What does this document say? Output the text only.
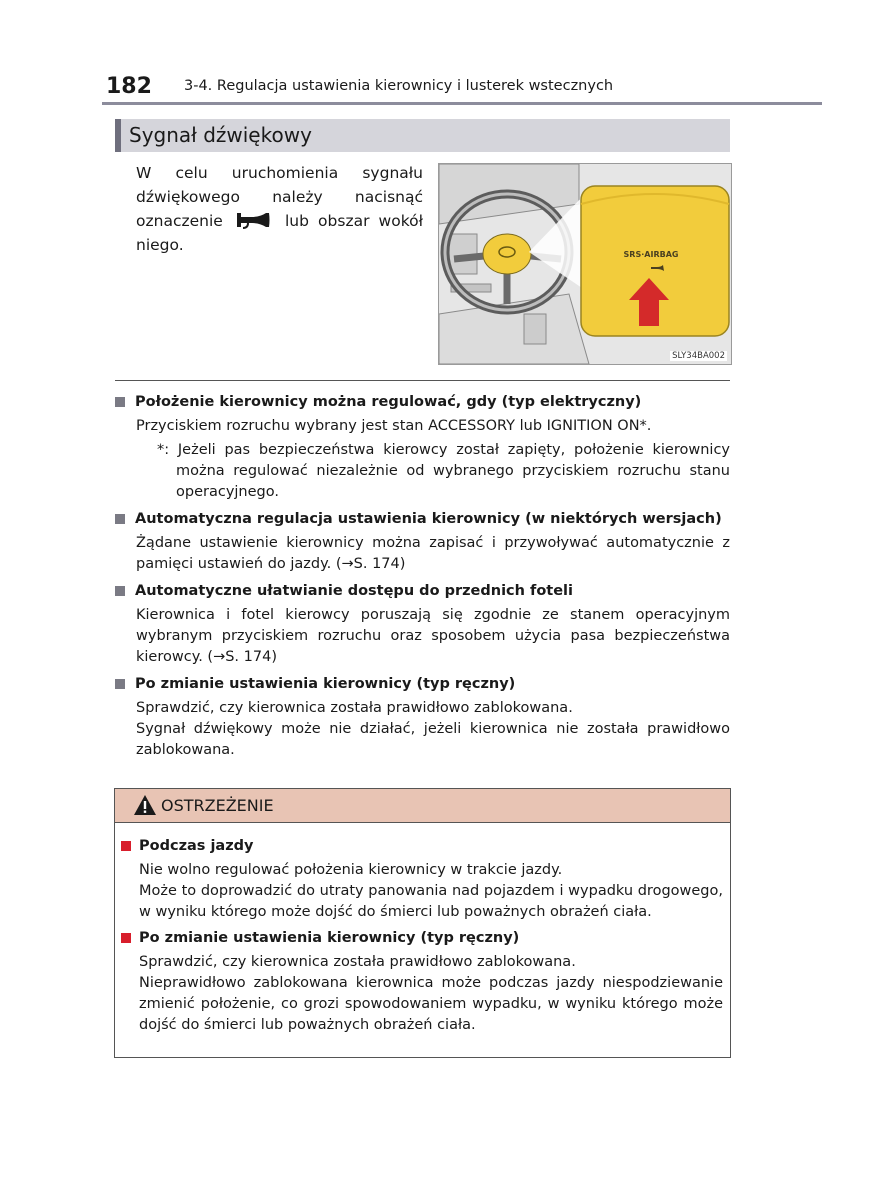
182 3-4. Regulacja ustawienia kierownicy i lusterek wstecznych
Sygnał dźwiękowy

W celu uruchomienia sygnału dźwiękowego należy nacisnąć oznaczenie	lub obszar wokół niego.

SRS·AIRBAG
SLY34BA002
Położenie kierownicy można regulować, gdy (typ elektryczny)

Przyciskiem rozruchu wybrany jest stan ACCESSORY lub IGNITION ON*.

*: Jeżeli pas bezpieczeństwa kierowcy został zapięty, położenie kierownicy można regulować niezależnie od wybranego przyciskiem rozruchu stanu operacyjnego.
Automatyczna regulacja ustawienia kierownicy (w niektórych wersjach)

Żądane ustawienie kierownicy można zapisać i przywoływać automatycznie z pamięci ustawień do jazdy. (→S. 174)

Automatyczne ułatwianie dostępu do przednich foteli

Kierownica i fotel kierowcy poruszają się zgodnie ze stanem operacyjnym wybranym przyciskiem rozruchu oraz sposobem użycia pasa bezpieczeństwa kierowcy. (→S. 174)

Po zmianie ustawienia kierownicy (typ ręczny)

Sprawdzić, czy kierownica została prawidłowo zablokowana.

Sygnał dźwiękowy może nie działać, jeżeli kierownica nie została prawidłowo zablokowana.

OSTRZEŻENIE
Podczas jazdy

Nie wolno regulować położenia kierownicy w trakcie jazdy.

Może to doprowadzić do utraty panowania nad pojazdem i wypadku drogowego, w wyniku którego może dojść do śmierci lub poważnych obrażeń ciała.

Po zmianie ustawienia kierownicy (typ ręczny)

Sprawdzić, czy kierownica została prawidłowo zablokowana.

Nieprawidłowo zablokowana kierownica może podczas jazdy niespodziewanie zmienić położenie, co grozi spowodowaniem wypadku, w wyniku którego może dojść do śmierci lub poważnych obrażeń ciała.
